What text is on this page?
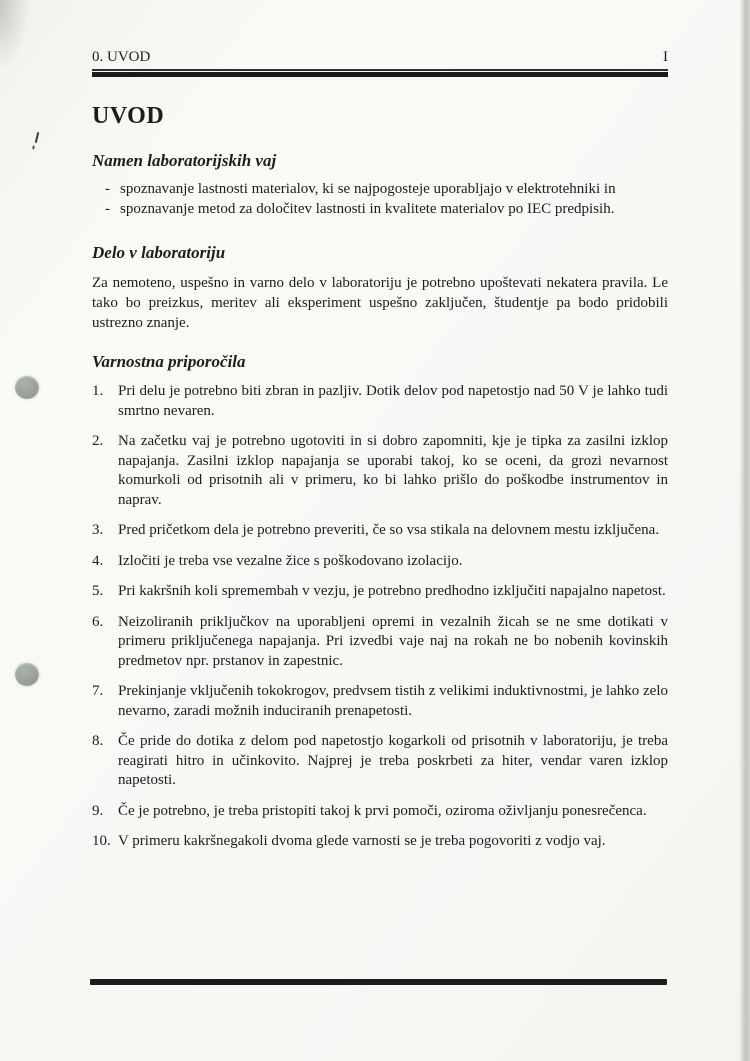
0. UVOD	I
UVOD
Namen laboratorijskih vaj
- spoznavanje lastnosti materialov, ki se najpogosteje uporabljajo v elektrotehniki in
- spoznavanje metod za določitev lastnosti in kvalitete materialov po IEC predpisih.
Delo v laboratoriju

Za nemoteno, uspešno in varno delo v laboratoriju je potrebno upoštevati nekatera pravila. Le tako bo preizkus, meritev ali eksperiment uspešno zaključen, študentje pa bodo pridobili ustrezno znanje.

Varnostna priporočila
1. Pri delu je potrebno biti zbran in pazljiv. Dotik delov pod napetostjo nad 50 V je lahko tudi smrtno nevaren.
2. Na začetku vaj je potrebno ugotoviti in si dobro zapomniti, kje je tipka za zasilni izklop napajanja. Zasilni izklop napajanja se uporabi takoj, ko se oceni, da grozi nevarnost komurkoli od prisotnih ali v primeru, ko bi lahko prišlo do poškodbe instrumentov in naprav.
3. Pred pričetkom dela je potrebno preveriti, če so vsa stikala na delovnem mestu izključena.
4. Izločiti je treba vse vezalne žice s poškodovano izolacijo.
5. Pri kakršnih koli spremembah v vezju, je potrebno predhodno izključiti napajalno napetost.
6. Neizoliranih priključkov na uporabljeni opremi in vezalnih žicah se ne sme dotikati v primeru priključenega napajanja. Pri izvedbi vaje naj na rokah ne bo nobenih kovinskih predmetov npr. prstanov in zapestnic.
7. Prekinjanje vključenih tokokrogov, predvsem tistih z velikimi induktivnostmi, je lahko zelo nevarno, zaradi možnih induciranih prenapetosti.
8. Če pride do dotika z delom pod napetostjo kogarkoli od prisotnih v laboratoriju, je treba reagirati hitro in učinkovito. Najprej je treba poskrbeti za hiter, vendar varen izklop napetosti.
9. Če je potrebno, je treba pristopiti takoj k prvi pomoči, oziroma oživljanju ponesrečenca.
10. V primeru kakršnegakoli dvoma glede varnosti se je treba pogovoriti z vodjo vaj.
